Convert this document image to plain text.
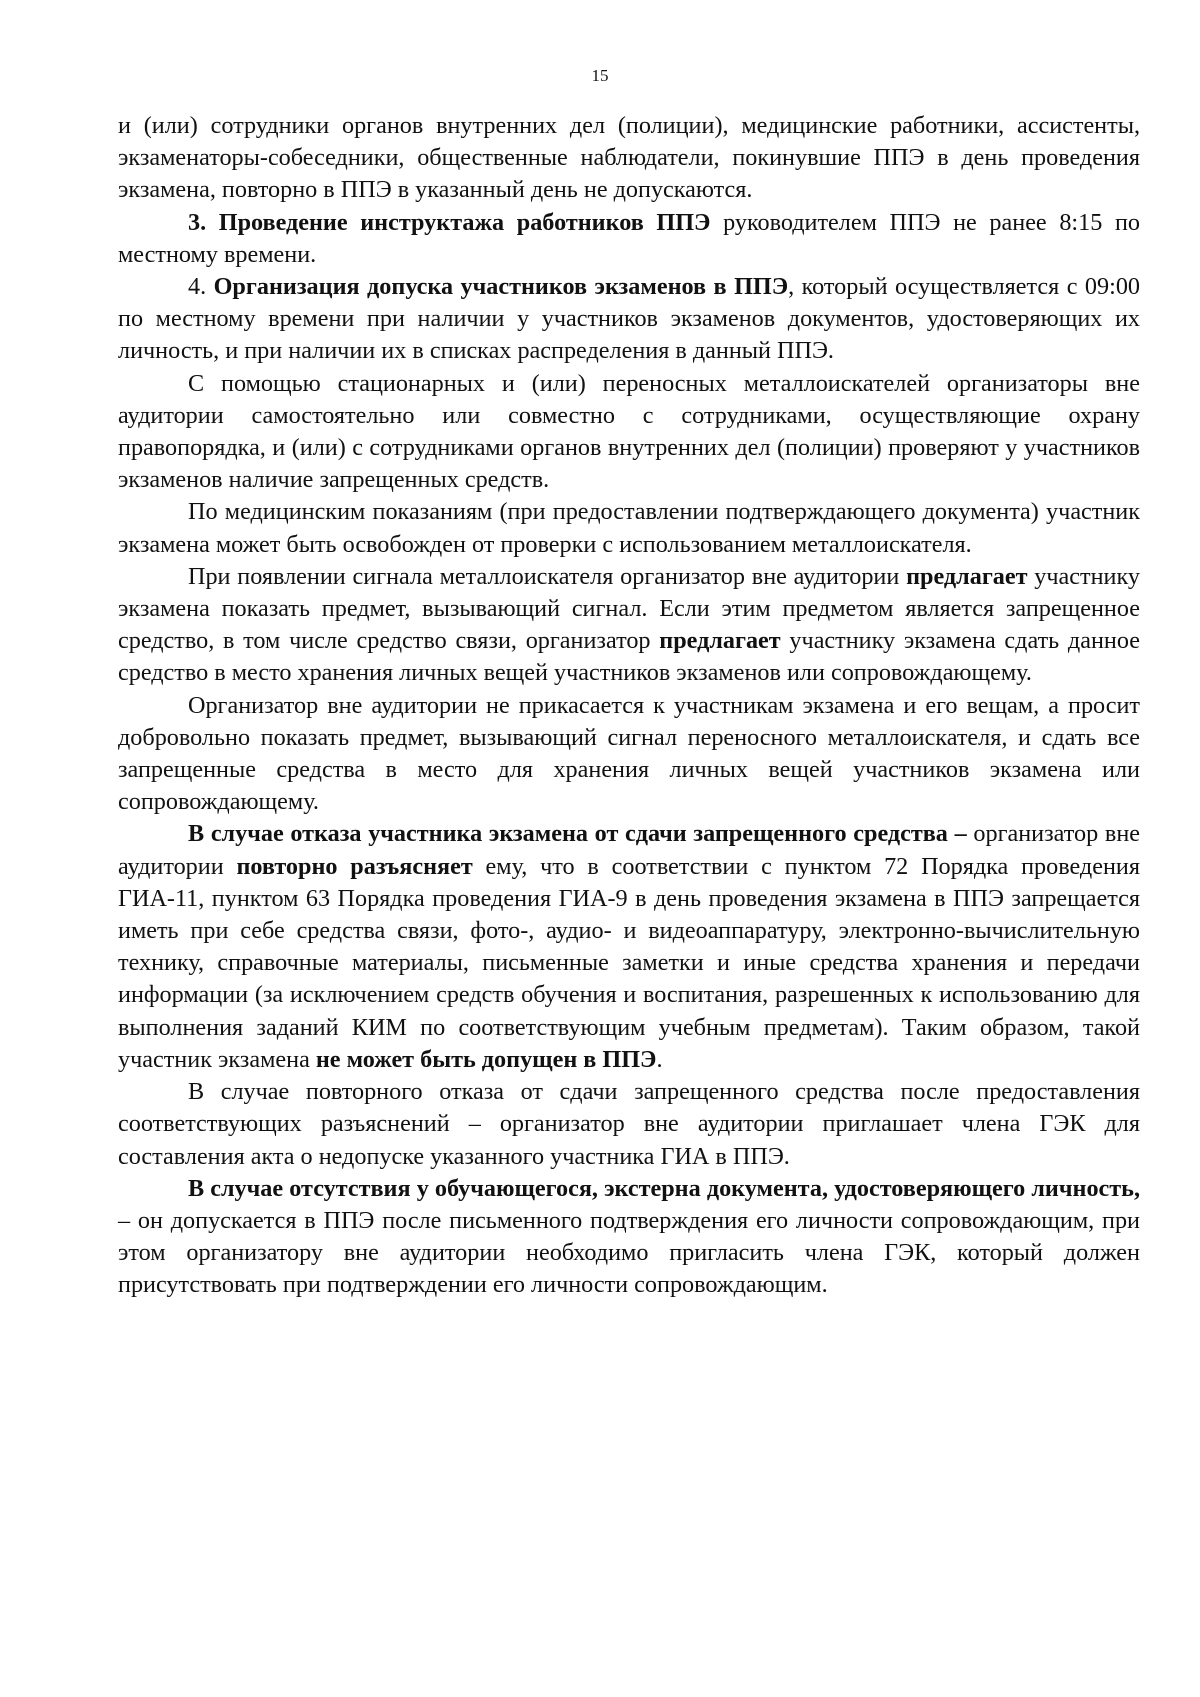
15

и (или) сотрудники органов внутренних дел (полиции), медицинские работники, ассистенты, экзаменаторы-собеседники, общественные наблюдатели, покинувшие ППЭ в день проведения экзамена, повторно в ППЭ в указанный день не допускаются.

3. Проведение инструктажа работников ППЭ руководителем ППЭ не ранее 8:15 по местному времени.

4. Организация допуска участников экзаменов в ППЭ, который осуществляется с 09:00 по местному времени при наличии у участников экзаменов документов, удостоверяющих их личность, и при наличии их в списках распределения в данный ППЭ.

С помощью стационарных и (или) переносных металлоискателей организаторы вне аудитории самостоятельно или совместно с сотрудниками, осуществляющие охрану правопорядка, и (или) с сотрудниками органов внутренних дел (полиции) проверяют у участников экзаменов наличие запрещенных средств.

По медицинским показаниям (при предоставлении подтверждающего документа) участник экзамена может быть освобожден от проверки с использованием металлоискателя.

При появлении сигнала металлоискателя организатор вне аудитории предлагает участнику экзамена показать предмет, вызывающий сигнал. Если этим предметом является запрещенное средство, в том числе средство связи, организатор предлагает участнику экзамена сдать данное средство в место хранения личных вещей участников экзаменов или сопровождающему.

Организатор вне аудитории не прикасается к участникам экзамена и его вещам, а просит добровольно показать предмет, вызывающий сигнал переносного металлоискателя, и сдать все запрещенные средства в место для хранения личных вещей участников экзамена или сопровождающему.

В случае отказа участника экзамена от сдачи запрещенного средства – организатор вне аудитории повторно разъясняет ему, что в соответствии с пунктом 72 Порядка проведения ГИА-11, пунктом 63 Порядка проведения ГИА-9 в день проведения экзамена в ППЭ запрещается иметь при себе средства связи, фото-, аудио- и видеоаппаратуру, электронно-вычислительную технику, справочные материалы, письменные заметки и иные средства хранения и передачи информации (за исключением средств обучения и воспитания, разрешенных к использованию для выполнения заданий КИМ по соответствующим учебным предметам). Таким образом, такой участник экзамена не может быть допущен в ППЭ.

В случае повторного отказа от сдачи запрещенного средства после предоставления соответствующих разъяснений – организатор вне аудитории приглашает члена ГЭК для составления акта о недопуске указанного участника ГИА в ППЭ.

В случае отсутствия у обучающегося, экстерна документа, удостоверяющего личность, – он допускается в ППЭ после письменного подтверждения его личности сопровождающим, при этом организатору вне аудитории необходимо пригласить члена ГЭК, который должен присутствовать при подтверждении его личности сопровождающим.
